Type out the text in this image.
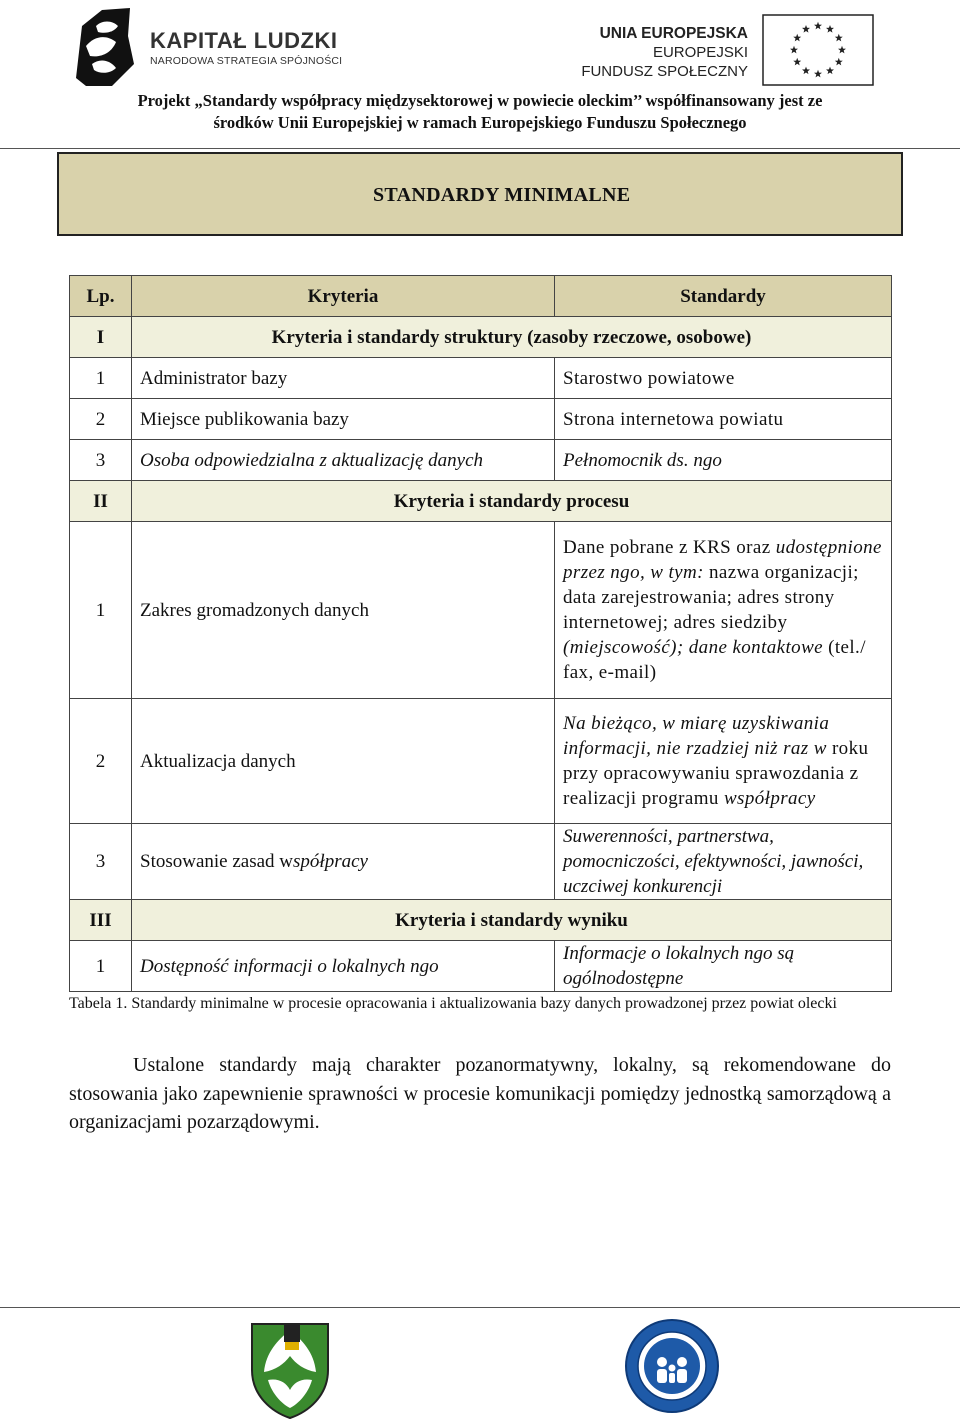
KAPITAŁ LUDZKI
NARODOWA STRATEGIA SPÓJNOŚCI
UNIA EUROPEJSKA
EUROPEJSKI
FUNDUSZ SPOŁECZNY
Projekt „Standardy współpracy międzysektorowej w powiecie oleckim’’ współfinansowany jest ze
środków Unii Europejskiej w ramach Europejskiego Funduszu Społecznego
STANDARDY MINIMALNE
Lp.	Kryteria	Standardy
I	Kryteria i standardy struktury (zasoby rzeczowe, osobowe)	
1	Administrator bazy	Starostwo powiatowe
2	Miejsce publikowania bazy	Strona internetowa powiatu
3	Osoba odpowiedzialna z aktualizację danych	Pełnomocnik ds. ngo
II	Kryteria i standardy procesu	
1	Zakres gromadzonych danych	Dane pobrane z KRS oraz udostępnione przez ngo, w tym: nazwa organizacji; data zarejestrowania; adres strony internetowej; adres siedziby (miejscowość); dane kontaktowe (tel./ fax, e-mail)
2	Aktualizacja danych	Na bieżąco, w miarę uzyskiwania informacji, nie rzadziej niż raz w roku przy opracowywaniu sprawozdania z realizacji programu współpracy
3	Stosowanie zasad współpracy	Suwerenności, partnerstwa, pomocniczości, efektywności, jawności, uczciwej konkurencji
III	Kryteria i standardy wyniku	
1	Dostępność informacji o lokalnych ngo	Informacje o lokalnych ngo są ogólnodostępne
Tabela 1. Standardy minimalne w procesie opracowania i aktualizowania bazy danych prowadzonej przez powiat olecki
Ustalone standardy mają charakter pozanormatywny, lokalny, są rekomendowane do stosowania jako zapewnienie sprawności w procesie komunikacji pomiędzy jednostką samorządową a organizacjami pozarządowymi.
